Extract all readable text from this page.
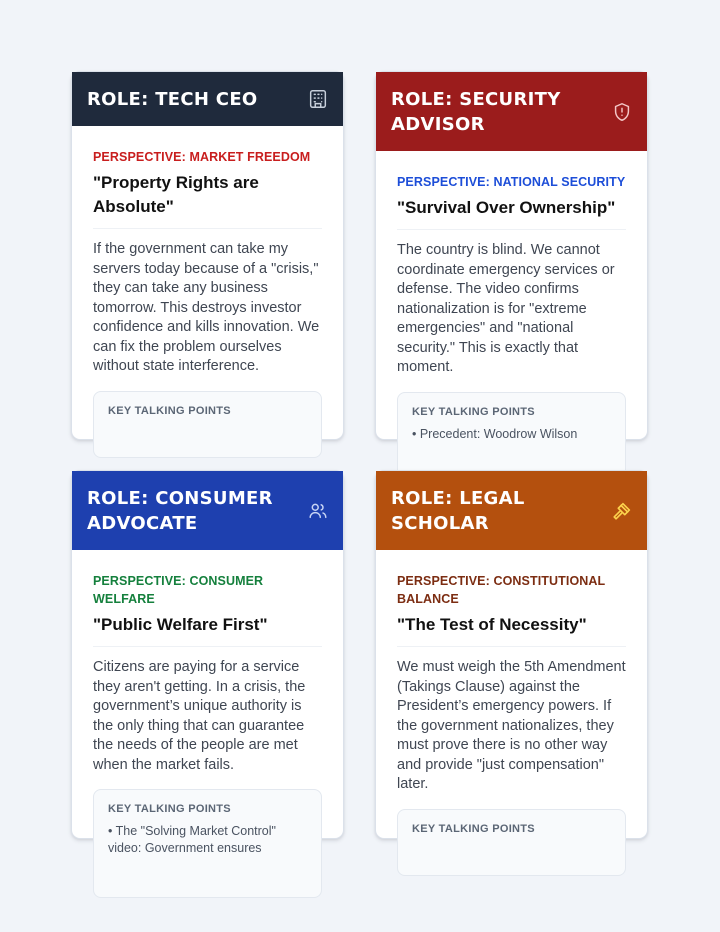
ROLE: TECH CEO
PERSPECTIVE: MARKET FREEDOM
"Property Rights are Absolute"
If the government can take my servers today because of a "crisis," they can take any business tomorrow. This destroys investor confidence and kills innovation. We can fix the problem ourselves without state interference.
KEY TALKING POINTS
ROLE: SECURITY ADVISOR
PERSPECTIVE: NATIONAL SECURITY
"Survival Over Ownership"
The country is blind. We cannot coordinate emergency services or defense. The video confirms nationalization is for "extreme emergencies" and "national security." This is exactly that moment.
KEY TALKING POINTS
• Precedent: Woodrow Wilson
ROLE: CONSUMER ADVOCATE
PERSPECTIVE: CONSUMER WELFARE
"Public Welfare First"
Citizens are paying for a service they aren't getting. In a crisis, the government’s unique authority is the only thing that can guarantee the needs of the people are met when the market fails.
KEY TALKING POINTS
• The "Solving Market Control" video: Government ensures
ROLE: LEGAL SCHOLAR
PERSPECTIVE: CONSTITUTIONAL BALANCE
"The Test of Necessity"
We must weigh the 5th Amendment (Takings Clause) against the President’s emergency powers. If the government nationalizes, they must prove there is no other way and provide "just compensation" later.
KEY TALKING POINTS
